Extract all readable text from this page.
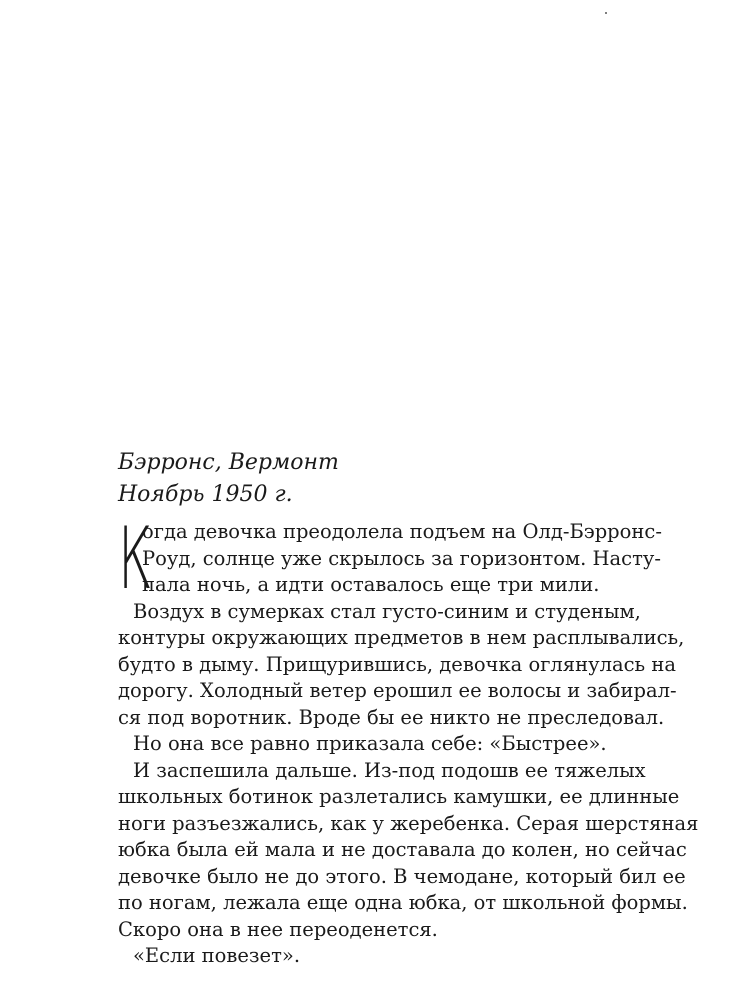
Бэрронс, Вермонт
Ноябрь 1950 г.
К
огда девочка преодолела подъем на Олд-Бэрронс-
Роуд, солнце уже скрылось за горизонтом. Насту-
пала ночь, а идти оставалось еще три мили.
Воздух в сумерках стал густо-синим и студеным,
контуры окружающих предметов в нем расплывались,
будто в дыму. Прищурившись, девочка оглянулась на
дорогу. Холодный ветер ерошил ее волосы и забирал-
ся под воротник. Вроде бы ее никто не преследовал.
Но она все равно приказала себе: «Быстрее».
И заспешила дальше. Из-под подошв ее тяжелых
школьных ботинок разлетались камушки, ее длинные
ноги разъезжались, как у жеребенка. Серая шерстяная
юбка была ей мала и не доставала до колен, но сейчас
девочке было не до этого. В чемодане, который бил ее
по ногам, лежала еще одна юбка, от школьной формы.
Скоро она в нее переоденется.
«Если повезет».
